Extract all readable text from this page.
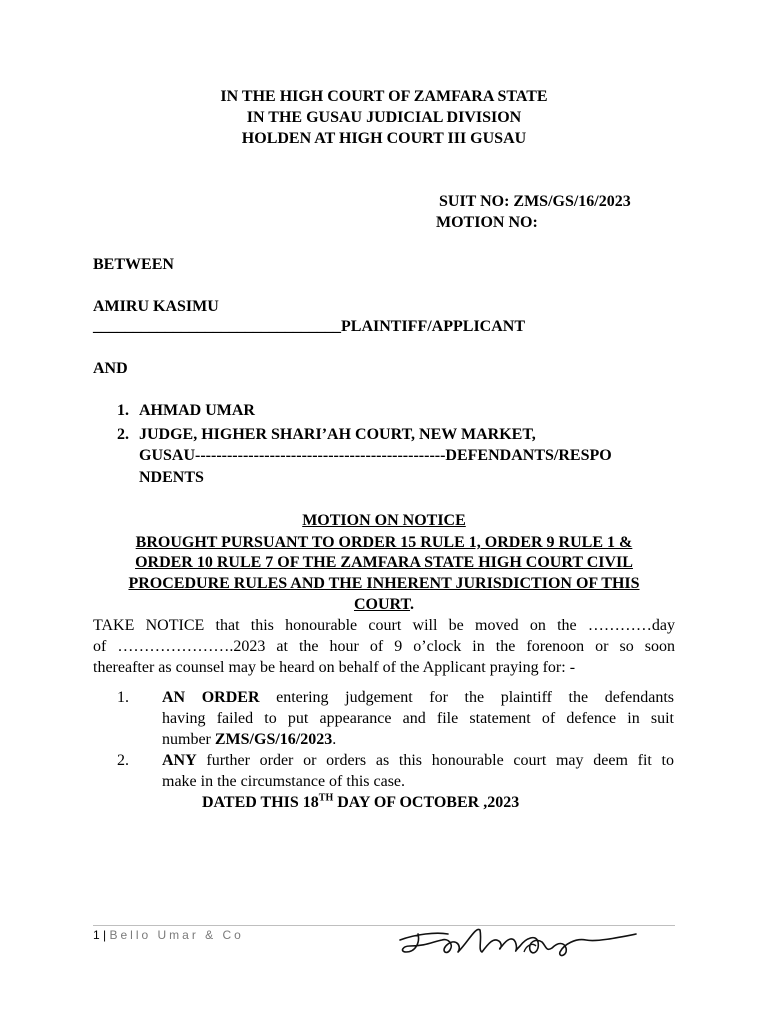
IN THE HIGH COURT OF ZAMFARA STATE
IN THE GUSAU JUDICIAL DIVISION
HOLDEN AT HIGH COURT III GUSAU
SUIT NO: ZMS/GS/16/2023
MOTION NO:
BETWEEN
AMIRU KASIMU
_______________________________PLAINTIFF/APPLICANT
AND
1. AHMAD UMAR
2. JUDGE, HIGHER SHARI’AH COURT, NEW MARKET,
GUSAU-----------------------------------------------DEFENDANTS/RESPO
NDENTS
MOTION ON NOTICE
BROUGHT PURSUANT TO ORDER 15 RULE 1, ORDER 9 RULE 1 &
ORDER 10 RULE 7 OF THE ZAMFARA STATE HIGH COURT CIVIL
PROCEDURE RULES AND THE INHERENT JURISDICTION OF THIS
COURT.
TAKE NOTICE that this honourable court will be moved on the …………day
of ………………….2023 at the hour of 9 o’clock in the forenoon or so soon
thereafter as counsel may be heard on behalf of the Applicant praying for: -
1. AN ORDER entering judgement for the plaintiff the defendants
having failed to put appearance and file statement of defence in suit
number ZMS/GS/16/2023.
2. ANY further order or orders as this honourable court may deem fit to
make in the circumstance of this case.
DATED THIS 18TH DAY OF OCTOBER ,2023
1 | Bello Umar & Co
